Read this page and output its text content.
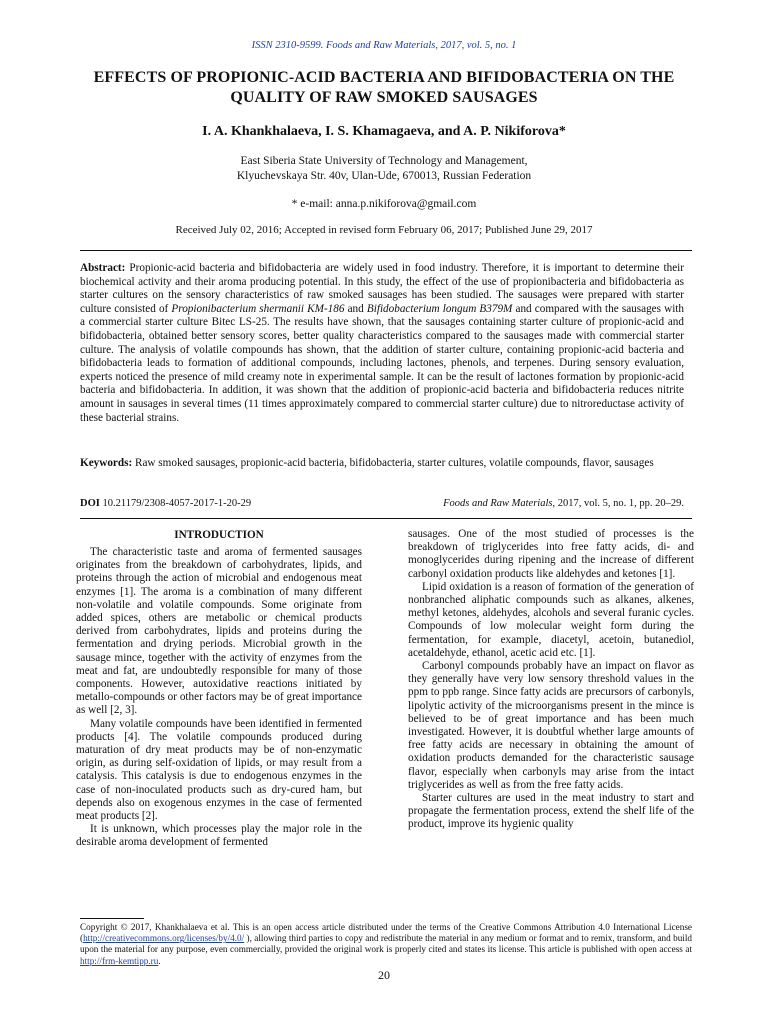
ISSN 2310-9599. Foods and Raw Materials, 2017, vol. 5, no. 1
EFFECTS OF PROPIONIC-ACID BACTERIA AND BIFIDOBACTERIA ON THE QUALITY OF RAW SMOKED SAUSAGES
I. A. Khankhalaeva, I. S. Khamagaeva, and A. P. Nikiforova*
East Siberia State University of Technology and Management,
Klyuchevskaya Str. 40v, Ulan-Ude, 670013, Russian Federation
* e-mail: anna.p.nikiforova@gmail.com
Received July 02, 2016; Accepted in revised form February 06, 2017; Published June 29, 2017
Abstract: Propionic-acid bacteria and bifidobacteria are widely used in food industry. Therefore, it is important to determine their biochemical activity and their aroma producing potential. In this study, the effect of the use of propionibacteria and bifidobacteria as starter cultures on the sensory characteristics of raw smoked sausages has been studied. The sausages were prepared with starter culture consisted of Propionibacterium shermanii KM-186 and Bifidobacterium longum B379M and compared with the sausages with a commercial starter culture Bitec LS-25. The results have shown, that the sausages containing starter culture of propionic-acid and bifidobacteria, obtained better sensory scores, better quality characteristics compared to the sausages made with commercial starter culture. The analysis of volatile compounds has shown, that the addition of starter culture, containing propionic-acid bacteria and bifidobacteria leads to formation of additional compounds, including lactones, phenols, and terpenes. During sensory evaluation, experts noticed the presence of mild creamy note in experimental sample. It can be the result of lactones formation by propionic-acid bacteria and bifidobacteria. In addition, it was shown that the addition of propionic-acid bacteria and bifidobacteria reduces nitrite amount in sausages in several times (11 times approximately compared to commercial starter culture) due to nitroreductase activity of these bacterial strains.
Keywords: Raw smoked sausages, propionic-acid bacteria, bifidobacteria, starter cultures, volatile compounds, flavor, sausages
DOI 10.21179/2308-4057-2017-1-20-29	Foods and Raw Materials, 2017, vol. 5, no. 1, pp. 20–29.
INTRODUCTION

The characteristic taste and aroma of fermented sausages originates from the breakdown of carbohydrates, lipids, and proteins through the action of microbial and endogenous meat enzymes [1]. The aroma is a combination of many different non-volatile and volatile compounds. Some originate from added spices, others are metabolic or chemical products derived from carbohydrates, lipids and proteins during the fermentation and drying periods. Microbial growth in the sausage mince, together with the activity of enzymes from the meat and fat, are undoubtedly responsible for many of those components. However, autoxidative reactions initiated by metallo-compounds or other factors may be of great importance as well [2, 3].

Many volatile compounds have been identified in fermented products [4]. The volatile compounds produced during maturation of dry meat products may be of non-enzymatic origin, as during self-oxidation of lipids, or may result from a catalysis. This catalysis is due to endogenous enzymes in the case of non-inoculated products such as dry-cured ham, but depends also on exogenous enzymes in the case of fermented meat products [2].

It is unknown, which processes play the major role in the desirable aroma development of fermented

sausages. One of the most studied of processes is the breakdown of triglycerides into free fatty acids, di- and monoglycerides during ripening and the increase of different carbonyl oxidation products like aldehydes and ketones [1].

Lipid oxidation is a reason of formation of the generation of nonbranched aliphatic compounds such as alkanes, alkenes, methyl ketones, aldehydes, alcohols and several furanic cycles. Compounds of low molecular weight form during the fermentation, for example, diacetyl, acetoin, butanediol, acetaldehyde, ethanol, acetic acid etc. [1].

Carbonyl compounds probably have an impact on flavor as they generally have very low sensory threshold values in the ppm to ppb range. Since fatty acids are precursors of carbonyls, lipolytic activity of the microorganisms present in the mince is believed to be of great importance and has been much investigated. However, it is doubtful whether large amounts of free fatty acids are necessary in obtaining the amount of oxidation products demanded for the characteristic sausage flavor, especially when carbonyls may arise from the intact triglycerides as well as from the free fatty acids.

Starter cultures are used in the meat industry to start and propagate the fermentation process, extend the shelf life of the product, improve its hygienic quality

Copyright © 2017, Khankhalaeva et al. This is an open access article distributed under the terms of the Creative Commons Attribution 4.0 International License (http://creativecommons.org/licenses/by/4.0/ ), allowing third parties to copy and redistribute the material in any medium or format and to remix, transform, and build upon the material for any purpose, even commercially, provided the original work is properly cited and states its license. This article is published with open access at http://frm-kemtipp.ru.
20
